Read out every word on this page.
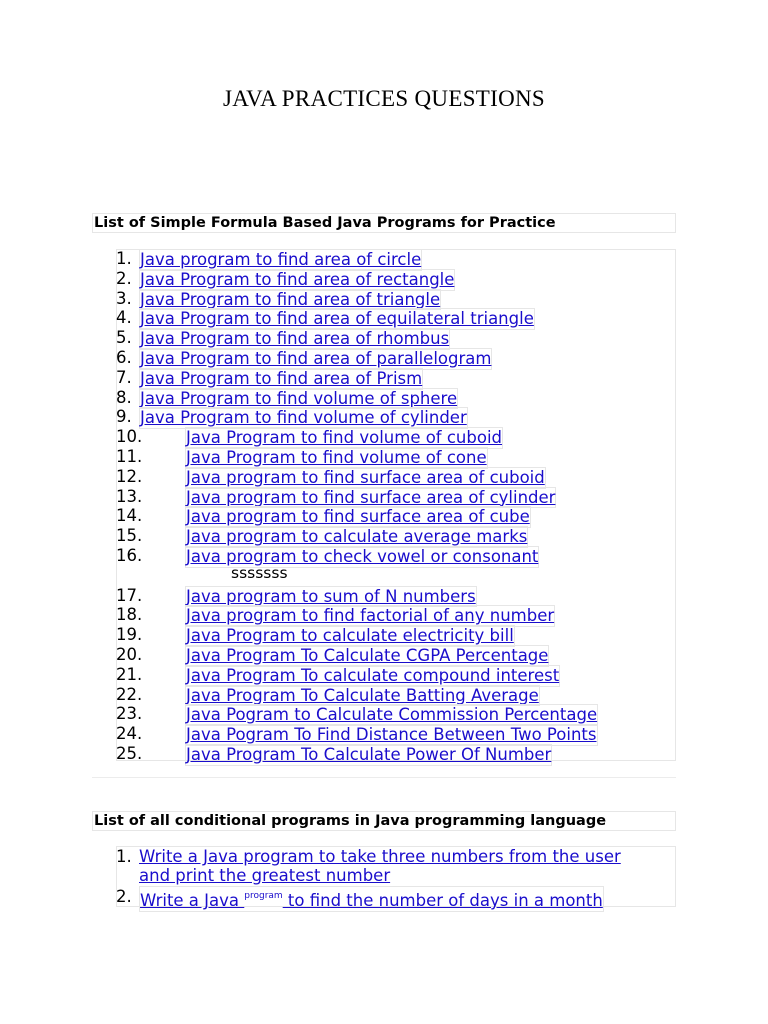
JAVA PRACTICES QUESTIONS
List of Simple Formula Based Java Programs for Practice
1. Java program to find area of circle
2. Java Program to find area of rectangle
3. Java Program to find area of triangle
4. Java Program to find area of equilateral triangle
5. Java Program to find area of rhombus
6. Java Program to find area of parallelogram
7. Java Program to find area of Prism
8. Java Program to find volume of sphere
9. Java Program to find volume of cylinder
10.	Java Program to find volume of cuboid
11.	Java Program to find volume of cone
12.	Java program to find surface area of cuboid
13.	Java program to find surface area of cylinder
14.	Java program to find surface area of cube
15.	Java program to calculate average marks
16.	Java program to check vowel or consonant
17.	Java program to sum of N numbers
18.	Java program to find factorial of any number
19.	Java Program to calculate electricity bill
20.	Java Program To Calculate CGPA Percentage
21.	Java Program To calculate compound interest
22.	Java Program To Calculate Batting Average
23.	Java Pogram to Calculate Commission Percentage
24.	Java Pogram To Find Distance Between Two Points
25.	Java Program To Calculate Power Of Number
sssssss
List of all conditional programs in Java programming language
1. Write a Java program to take three numbers from the user
and print the greatest number
2. Write a Java $^{program}$ to find the number of days in a month
